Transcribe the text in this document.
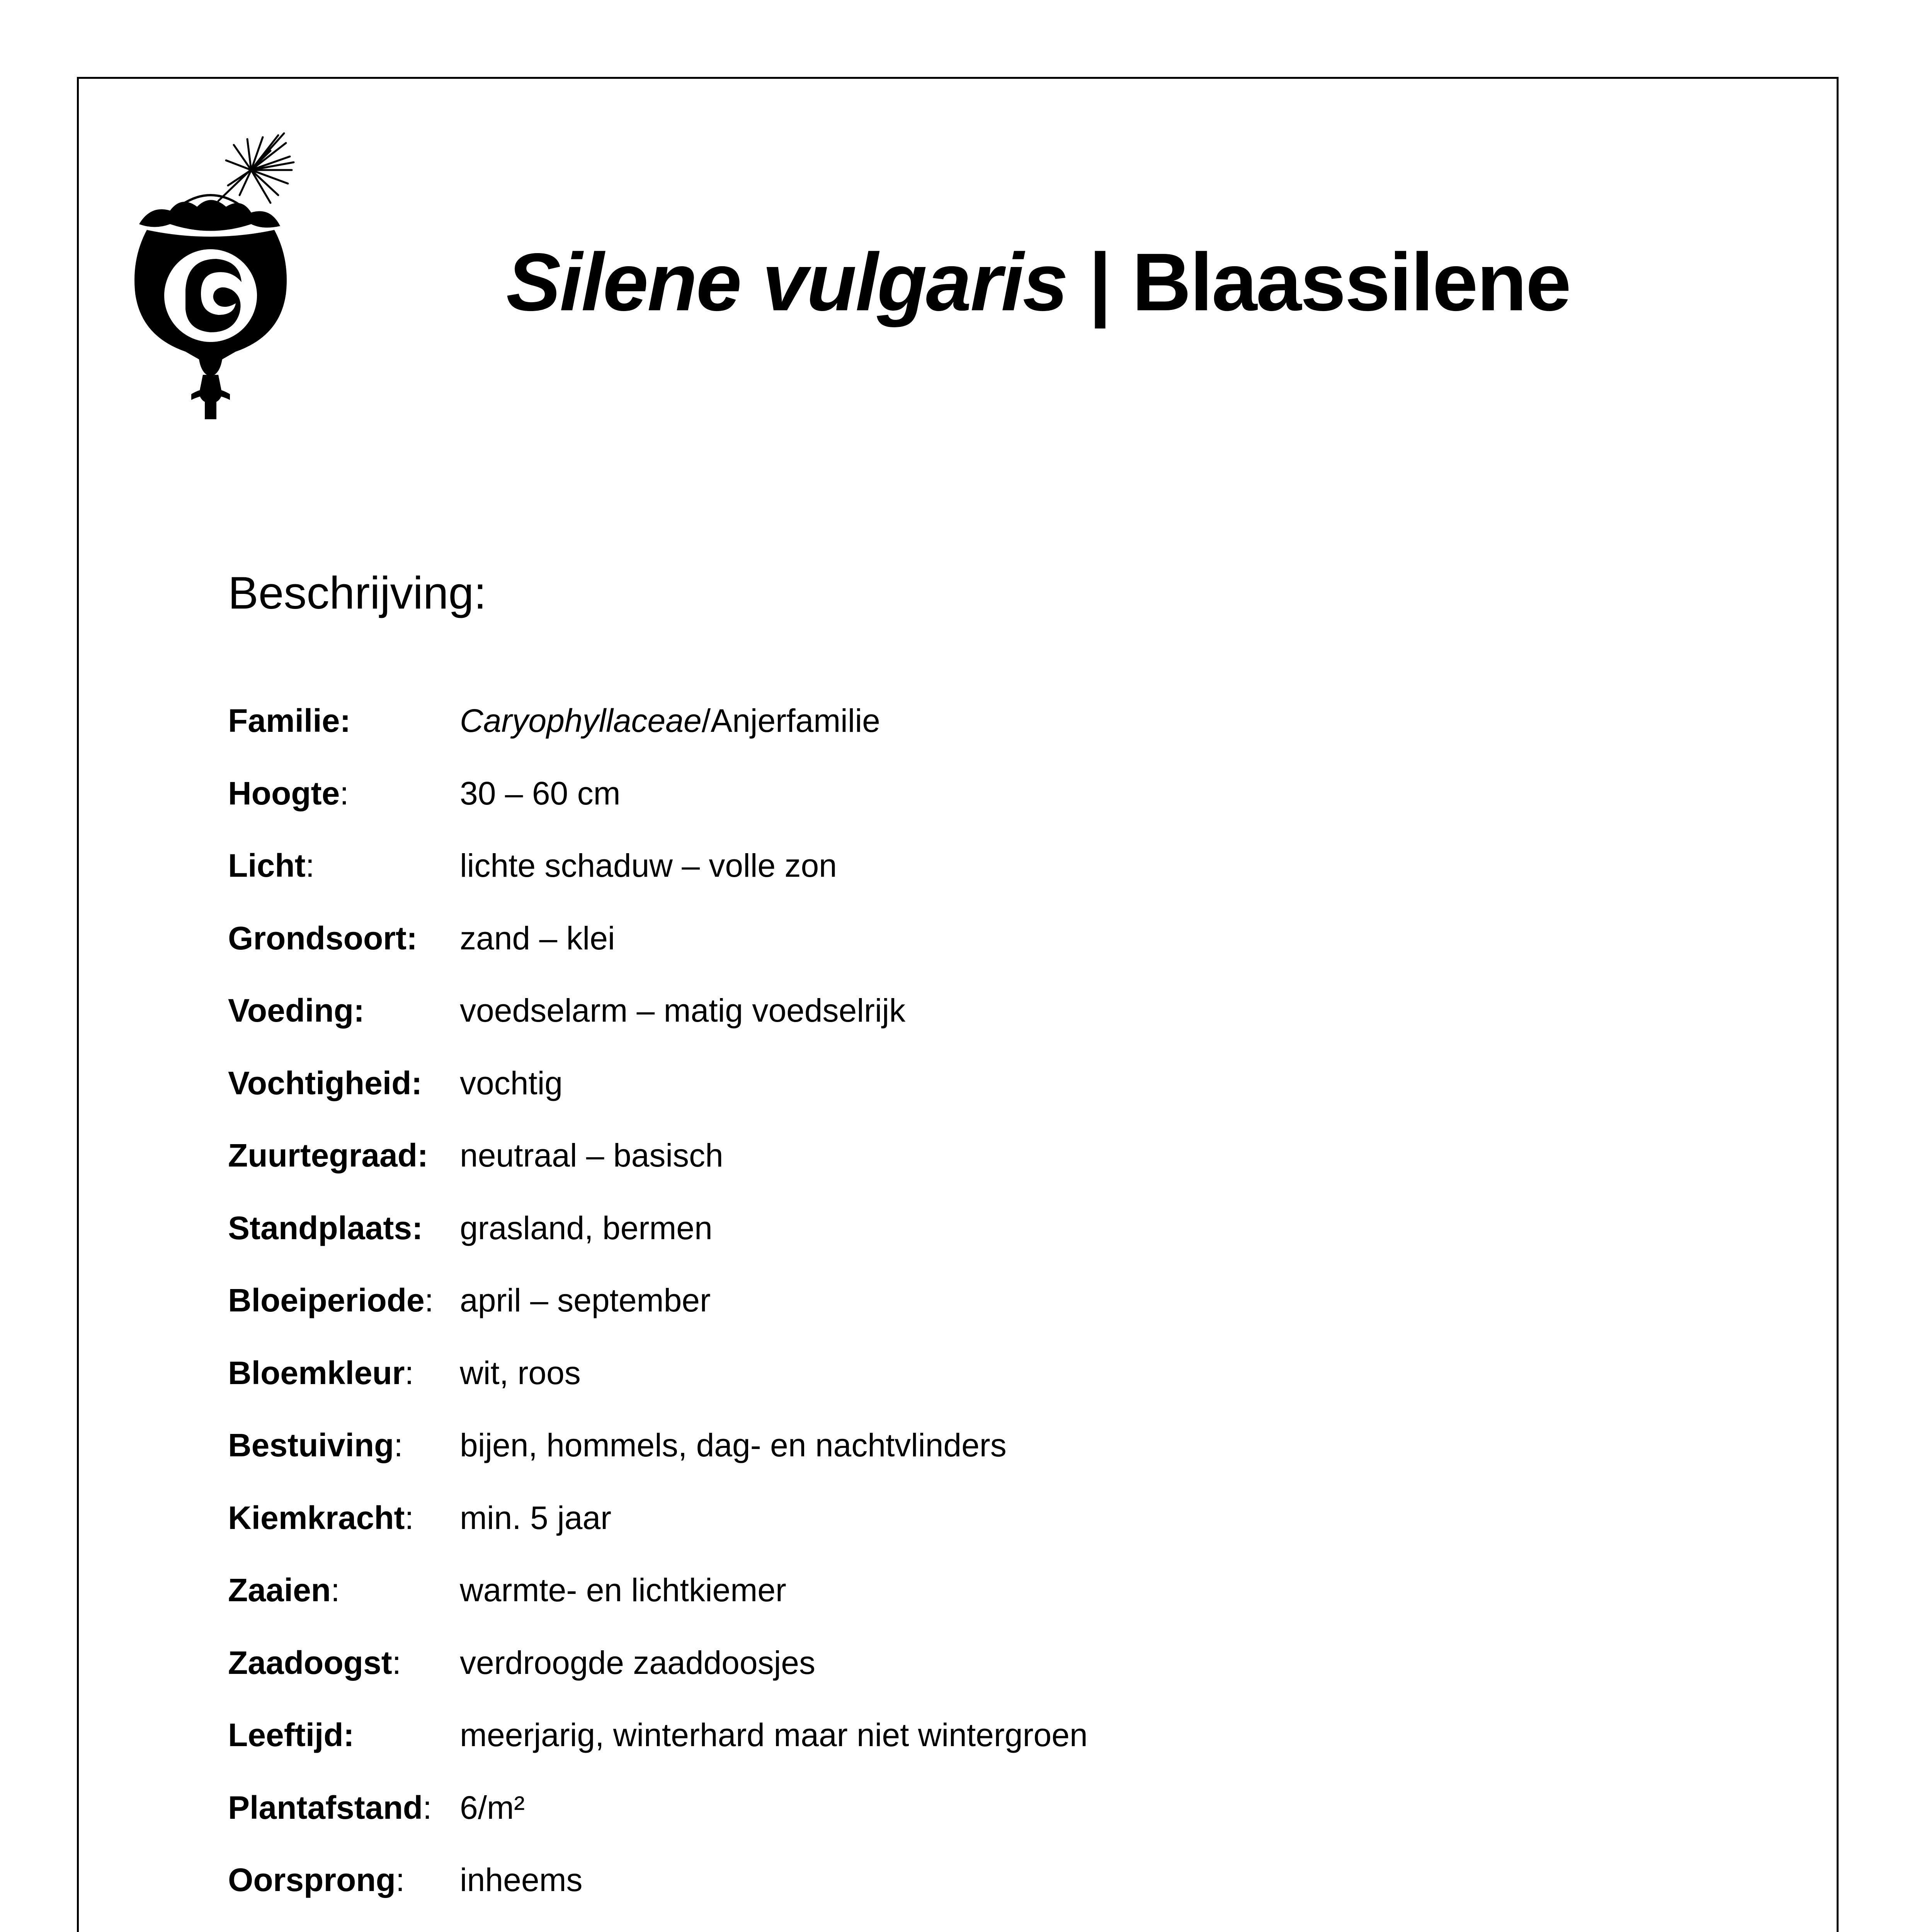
Silene vulgaris | Blaassilene
Beschrijving:
Familie:	Caryophyllaceae/Anjerfamilie
Hoogte:	30 – 60 cm
Licht:	lichte schaduw – volle zon
Grondsoort: zand – klei
Voeding:	voedselarm – matig voedselrijk
Vochtigheid: vochtig
Zuurtegraad: neutraal – basisch
Standplaats: grasland, bermen
Bloeiperiode: april – september
Bloemkleur: wit, roos
Bestuiving: bijen, hommels, dag- en nachtvlinders
Kiemkracht: min. 5 jaar
Zaaien:	warmte- en lichtkiemer
Zaadoogst: verdroogde zaaddoosjes
Leeftijd:	meerjarig, winterhard maar niet wintergroen
Plantafstand: 6/m²
Oorsprong: inheems
